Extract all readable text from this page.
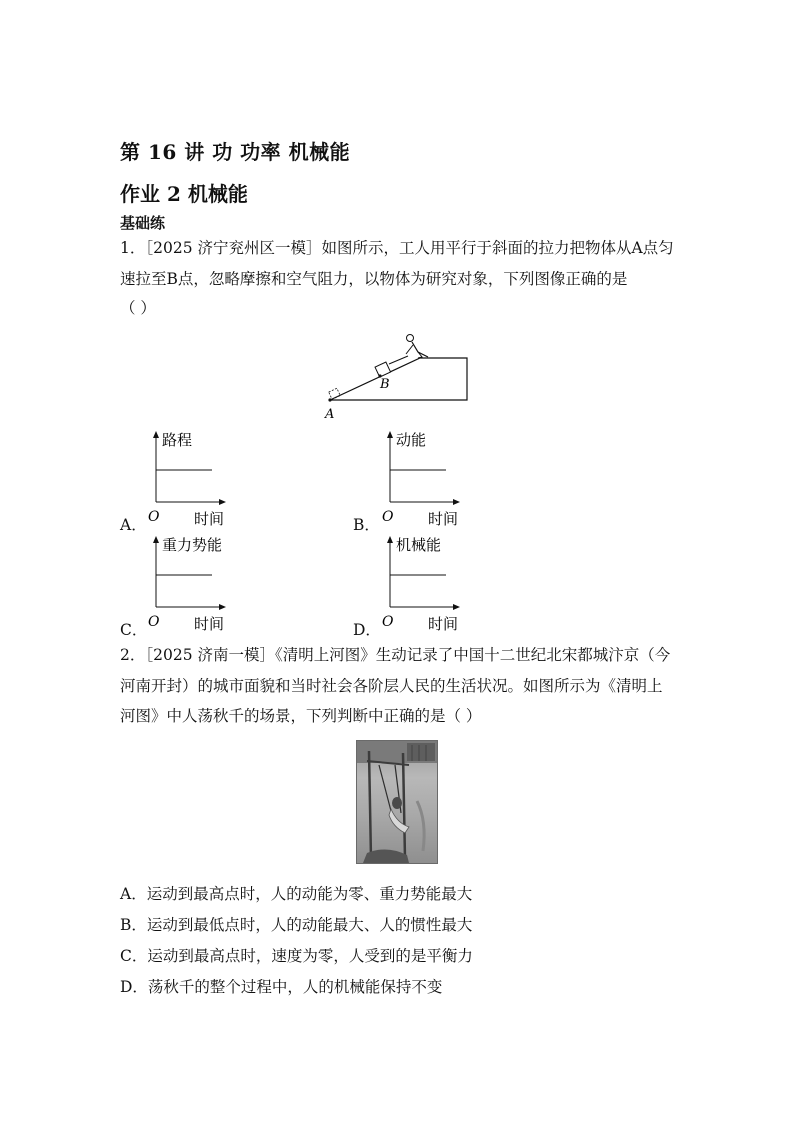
第 16 讲 功 功率 机械能
作业 2 机械能
基础练
1．［2025 济宁兖州区一模］如图所示，工人用平行于斜面的拉力把物体从A点匀
速拉至B点，忽略摩擦和空气阻力，以物体为研究对象，下列图像正确的是
（ ）
A
B
A．
路程
时间
O	B．
动能
时间
O
C．
重力势能
时间
O	D．
机械能
时间
O
2．［2025 济南一模］《清明上河图》生动记录了中国十二世纪北宋都城汴京（今
河南开封）的城市面貌和当时社会各阶层人民的生活状况。如图所示为《清明上
河图》中人荡秋千的场景，下列判断中正确的是（ ）
A．运动到最高点时，人的动能为零、重力势能最大
B．运动到最低点时，人的动能最大、人的惯性最大
C．运动到最高点时，速度为零，人受到的是平衡力
D．荡秋千的整个过程中，人的机械能保持不变
